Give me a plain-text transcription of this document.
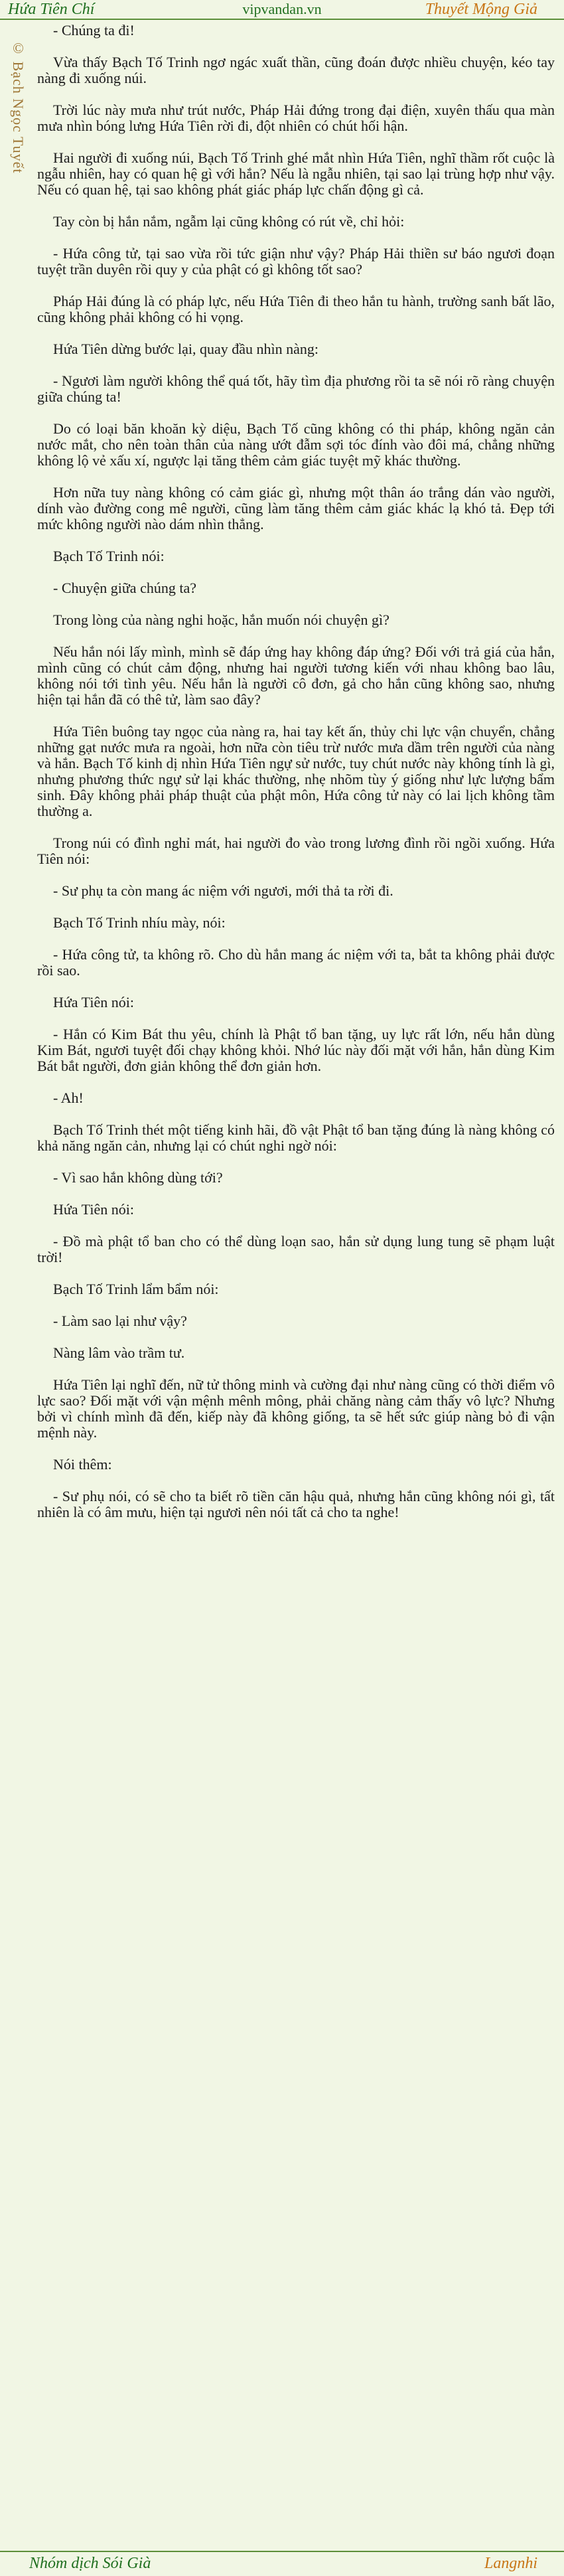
Hứa Tiên Chí	vipvandan.vn	Thuyết Mộng Giả
© Bạch Ngọc Tuyết

- Chúng ta đi!

Vừa thấy Bạch Tố Trinh ngơ ngác xuất thần, cũng đoán được nhiều chuyện, kéo tay nàng đi xuống núi.

Trời lúc này mưa như trút nước, Pháp Hải đứng trong đại điện, xuyên thấu qua màn mưa nhìn bóng lưng Hứa Tiên rời đi, đột nhiên có chút hối hận.

Hai người đi xuống núi, Bạch Tố Trinh ghé mắt nhìn Hứa Tiên, nghĩ thầm rốt cuộc là ngẫu nhiên, hay có quan hệ gì với hắn? Nếu là ngẫu nhiên, tại sao lại trùng hợp như vậy. Nếu có quan hệ, tại sao không phát giác pháp lực chấn động gì cả.

Tay còn bị hắn nắm, ngẫm lại cũng không có rút về, chỉ hỏi:

- Hứa công tử, tại sao vừa rồi tức giận như vậy? Pháp Hải thiền sư báo ngươi đoạn tuyệt trần duyên rồi quy y của phật có gì không tốt sao?

Pháp Hải đúng là có pháp lực, nếu Hứa Tiên đi theo hắn tu hành, trường sanh bất lão, cũng không phải không có hi vọng.

Hứa Tiên dừng bước lại, quay đầu nhìn nàng:

- Ngươi làm người không thể quá tốt, hãy tìm địa phương rồi ta sẽ nói rõ ràng chuyện giữa chúng ta!

Do có loại băn khoăn kỳ diệu, Bạch Tố cũng không có thi pháp, không ngăn cản nước mắt, cho nên toàn thân của nàng ướt đẫm sợi tóc đính vào đôi má, chẳng những không lộ vẻ xấu xí, ngược lại tăng thêm cảm giác tuyệt mỹ khác thường.

Hơn nữa tuy nàng không có cảm giác gì, nhưng một thân áo trắng dán vào người, dính vào đường cong mê người, cũng làm tăng thêm cảm giác khác lạ khó tả. Đẹp tới mức không người nào dám nhìn thẳng.

Bạch Tố Trinh nói:

- Chuyện giữa chúng ta?

Trong lòng của nàng nghi hoặc, hắn muốn nói chuyện gì?

Nếu hắn nói lấy mình, mình sẽ đáp ứng hay không đáp ứng? Đối với trả giá của hắn, mình cũng có chút cảm động, nhưng hai người tương kiến với nhau không bao lâu, không nói tới tình yêu. Nếu hắn là người cô đơn, gả cho hắn cũng không sao, nhưng hiện tại hắn đã có thê tử, làm sao đây?

Hứa Tiên buông tay ngọc của nàng ra, hai tay kết ấn, thủy chi lực vận chuyển, chẳng những gạt nước mưa ra ngoài, hơn nữa còn tiêu trừ nước mưa dầm trên người của nàng và hắn. Bạch Tố kinh dị nhìn Hứa Tiên ngự sử nước, tuy chút nước này không tính là gì, nhưng phương thức ngự sử lại khác thường, nhẹ nhõm tùy ý giống như lực lượng bẩm sinh. Đây không phải pháp thuật của phật môn, Hứa công tử này có lai lịch không tầm thường a.

Trong núi có đình nghỉ mát, hai người đo vào trong lương đình rồi ngồi xuống. Hứa Tiên nói:

- Sư phụ ta còn mang ác niệm với ngươi, mới thả ta rời đi.

Bạch Tố Trinh nhíu mày, nói:

- Hứa công tử, ta không rõ. Cho dù hắn mang ác niệm với ta, bắt ta không phải được rồi sao.

Hứa Tiên nói:

- Hắn có Kim Bát thu yêu, chính là Phật tổ ban tặng, uy lực rất lớn, nếu hắn dùng Kim Bát, ngươi tuyệt đối chạy không khỏi. Nhớ lúc này đối mặt với hắn, hắn dùng Kim Bát bắt người, đơn giản không thể đơn giản hơn.

- Ah!

Bạch Tố Trinh thét một tiếng kinh hãi, đồ vật Phật tổ ban tặng đúng là nàng không có khả năng ngăn cản, nhưng lại có chút nghi ngờ nói:

- Vì sao hắn không dùng tới?

Hứa Tiên nói:

- Đồ mà phật tổ ban cho có thể dùng loạn sao, hắn sử dụng lung tung sẽ phạm luật trời!

Bạch Tố Trinh lẩm bẩm nói:

- Làm sao lại như vậy?

Nàng lâm vào trầm tư.

Hứa Tiên lại nghĩ đến, nữ tử thông minh và cường đại như nàng cũng có thời điểm vô lực sao? Đối mặt với vận mệnh mênh mông, phải chăng nàng cảm thấy vô lực? Nhưng bởi vì chính mình đã đến, kiếp này đã không giống, ta sẽ hết sức giúp nàng bỏ đi vận mệnh này.

Nói thêm:

- Sư phụ nói, có sẽ cho ta biết rõ tiền căn hậu quả, nhưng hắn cũng không nói gì, tất nhiên là có âm mưu, hiện tại ngươi nên nói tất cả cho ta nghe!

Nhóm dịch Sói Già	Langnhi
